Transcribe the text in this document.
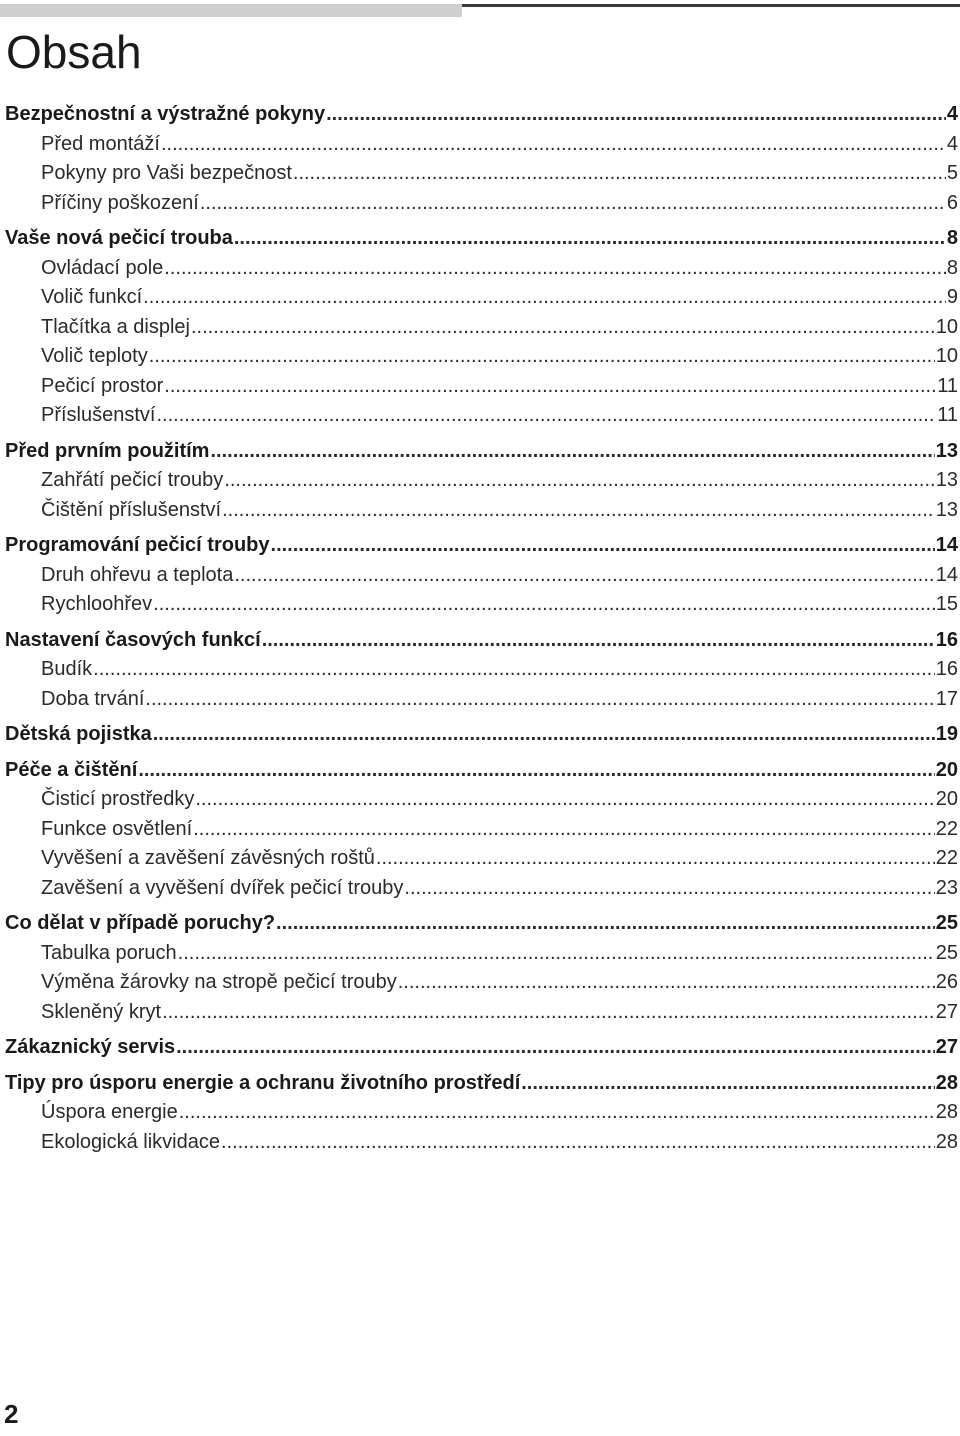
Obsah
Bezpečnostní a výstražné pokyny .....	4
Před montáží .....	4
Pokyny pro Vaši bezpečnost .....	5
Příčiny poškození .....	6
Vaše nová pečicí trouba .....	8
Ovládací pole .....	8
Volič funkcí .....	9
Tlačítka a displej .....	10
Volič teploty .....	10
Pečicí prostor .....	11
Příslušenství .....	11
Před prvním použitím .....	13
Zahřátí pečicí trouby .....	13
Čištění příslušenství .....	13
Programování pečicí trouby .....	14
Druh ohřevu a teplota .....	14
Rychloohřev .....	15
Nastavení časových funkcí .....	16
Budík .....	16
Doba trvání .....	17
Dětská pojistka .....	19
Péče a čištění .....	20
Čisticí prostředky .....	20
Funkce osvětlení .....	22
Vyvěšení a zavěšení závěsných roštů .....	22
Zavěšení a vyvěšení dvířek pečicí trouby .....	23
Co dělat v případě poruchy? .....	25
Tabulka poruch .....	25
Výměna žárovky na stropě pečicí trouby .....	26
Skleněný kryt .....	27
Zákaznický servis .....	27
Tipy pro úsporu energie a ochranu životního prostředí .....	28
Úspora energie .....	28
Ekologická likvidace .....	28
2
